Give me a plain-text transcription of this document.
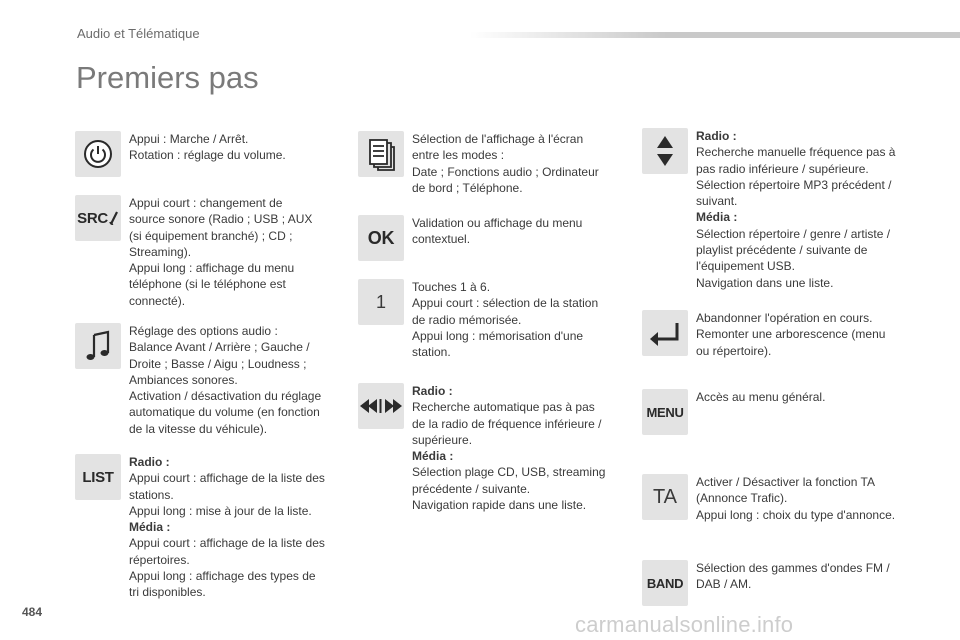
Audio et Télématique
Premiers pas

Appui : Marche / Arrêt.

Rotation : réglage du volume.

SRC

Appui court : changement de

source sonore (Radio ; USB ; AUX

(si équipement branché) ; CD ;

Streaming).

Appui long : affichage du menu

téléphone (si le téléphone est

connecté).

Réglage des options audio :

Balance Avant / Arrière ; Gauche /

Droite ; Basse / Aigu ; Loudness ;

Ambiances sonores.

Activation / désactivation du réglage

automatique du volume (en fonction

de la vitesse du véhicule).

LIST

Radio :

Appui court : affichage de la liste des

stations.

Appui long : mise à jour de la liste.

Média :

Appui court : affichage de la liste des

répertoires.

Appui long : affichage des types de

tri disponibles.

Sélection de l'affichage à l'écran

entre les modes :

Date ; Fonctions audio ; Ordinateur

de bord ; Téléphone.

OK

Validation ou affichage du menu

contextuel.

1

Touches 1 à 6.

Appui court : sélection de la station

de radio mémorisée.

Appui long : mémorisation d'une

station.

Radio :

Recherche automatique pas à pas

de la radio de fréquence inférieure /

supérieure.

Média :

Sélection plage CD, USB, streaming

précédente / suivante.

Navigation rapide dans une liste.

Radio :

Recherche manuelle fréquence pas à

pas radio inférieure / supérieure.

Sélection répertoire MP3 précédent /

suivant.

Média :

Sélection répertoire / genre / artiste /

playlist précédente / suivante de

l'équipement USB.

Navigation dans une liste.

Abandonner l'opération en cours.

Remonter une arborescence (menu

ou répertoire).

MENU

Accès au menu général.

TA

Activer / Désactiver la fonction TA

(Annonce Trafic).

Appui long : choix du type d'annonce.

BAND

Sélection des gammes d'ondes FM /

DAB / AM.

484	carmanualsonline.info
